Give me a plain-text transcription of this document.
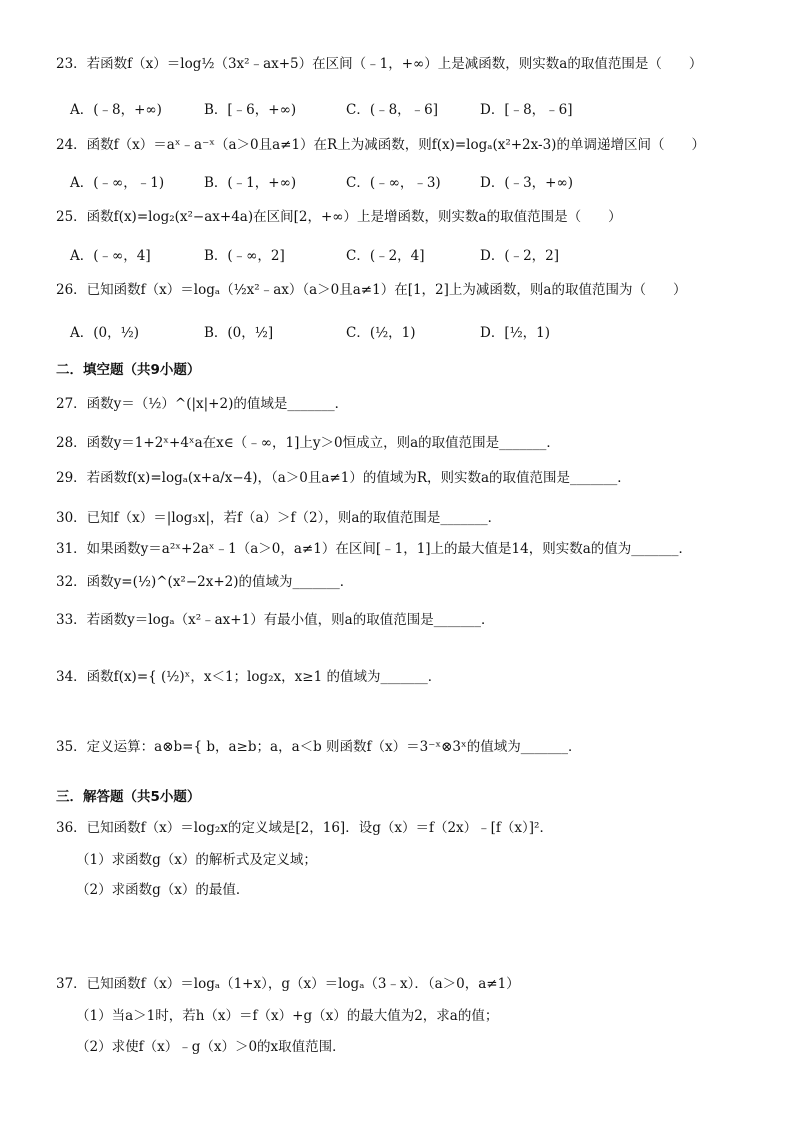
23．若函数f（x）＝log½（3x²﹣ax+5）在区间（﹣1，+∞）上是减函数，则实数a的取值范围是（　　）
A．(﹣8，+∞)	B．[﹣6，+∞)	C．(﹣8，﹣6]	D．[﹣8，﹣6]
24．函数f（x）＝aˣ﹣a⁻ˣ（a＞0且a≠1）在R上为减函数，则f(x)=logₐ(x²+2x-3)的单调递增区间（　　）
A．(﹣∞，﹣1)	B．(﹣1，+∞)	C．(﹣∞，﹣3)	D．(﹣3，+∞)
25．函数f(x)=log₂(x²−ax+4a)在区间[2，+∞）上是增函数，则实数a的取值范围是（　　）
A．(﹣∞，4]	B．(﹣∞，2]	C．(﹣2，4]	D．(﹣2，2]
26．已知函数f（x）＝logₐ（½x²﹣ax）（a＞0且a≠1）在[1，2]上为减函数，则a的取值范围为（　　）
A．(0，½)	B．(0，½]	C．(½，1)	D．[½，1)
二．填空题（共9小题）
27．函数y＝（½）^(|x|+2)的值域是_______．
28．函数y＝1+2ˣ+4ˣa在x∈（﹣∞，1]上y＞0恒成立，则a的取值范围是_______．
29．若函数f(x)=logₐ(x+a/x−4)，（a＞0且a≠1）的值域为R，则实数a的取值范围是_______．
30．已知f（x）＝|log₃x|，若f（a）＞f（2），则a的取值范围是_______．
31．如果函数y＝a²ˣ+2aˣ﹣1（a＞0，a≠1）在区间[﹣1，1]上的最大值是14，则实数a的值为_______．
32．函数y=(½)^(x²−2x+2)的值域为_______．
33．若函数y＝logₐ（x²﹣ax+1）有最小值，则a的取值范围是_______．
34．函数f(x)={ (½)ˣ，x＜1；log₂x，x≥1 的值域为_______．
35．定义运算：a⊗b={ b，a≥b；a，a＜b 则函数f（x）＝3⁻ˣ⊗3ˣ的值域为_______．
三．解答题（共5小题）
36．已知函数f（x）＝log₂x的定义域是[2，16]．设g（x）＝f（2x）﹣[f（x）]²．
（1）求函数g（x）的解析式及定义域；
（2）求函数g（x）的最值．
37．已知函数f（x）＝logₐ（1+x），g（x）＝logₐ（3﹣x）．（a＞0，a≠1）
（1）当a＞1时，若h（x）＝f（x）+g（x）的最大值为2，求a的值；
（2）求使f（x）﹣g（x）＞0的x取值范围．
